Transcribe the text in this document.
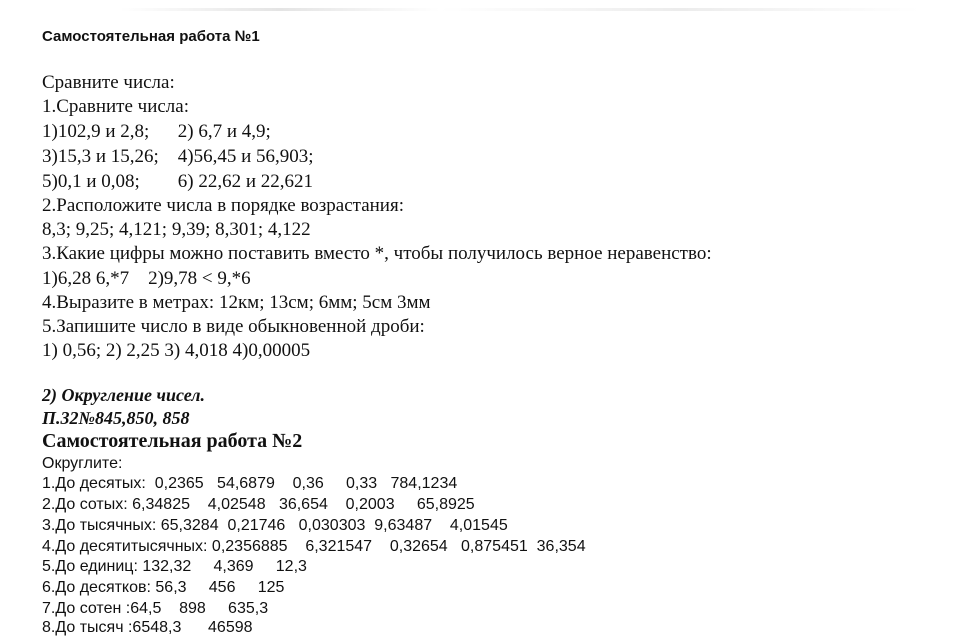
Самостоятельная работа №1
Сравните числа:
1.Сравните числа:
1)102,9 и 2,8;      2) 6,7 и 4,9;
3)15,3 и 15,26;    4)56,45 и 56,903;
5)0,1 и 0,08;        6) 22,62 и 22,621
2.Расположите числа в порядке возрастания:
8,3; 9,25; 4,121; 9,39; 8,301; 4,122
3.Какие цифры можно поставить вместо *, чтобы получилось верное неравенство:
1)6,28 6,*7    2)9,78 < 9,*6
4.Выразите в метрах: 12км; 13см; 6мм; 5см 3мм
5.Запишите число в виде обыкновенной дроби:
1) 0,56; 2) 2,25 3) 4,018 4)0,00005
2) Округление чисел.
П.32№845,850, 858
Самостоятельная работа №2
Округлите:
1.До десятых:  0,2365   54,6879    0,36     0,33   784,1234
2.До сотых: 6,34825    4,02548   36,654    0,2003     65,8925
3.До тысячных: 65,3284  0,21746   0,030303  9,63487    4,01545
4.До десятитысячных: 0,2356885    6,321547    0,32654   0,875451  36,354
5.До единиц: 132,32     4,369     12,3
6.До десятков: 56,3     456     125
7.До сотен :64,5    898     635,3
8.До тысяч :6548,3      46598
